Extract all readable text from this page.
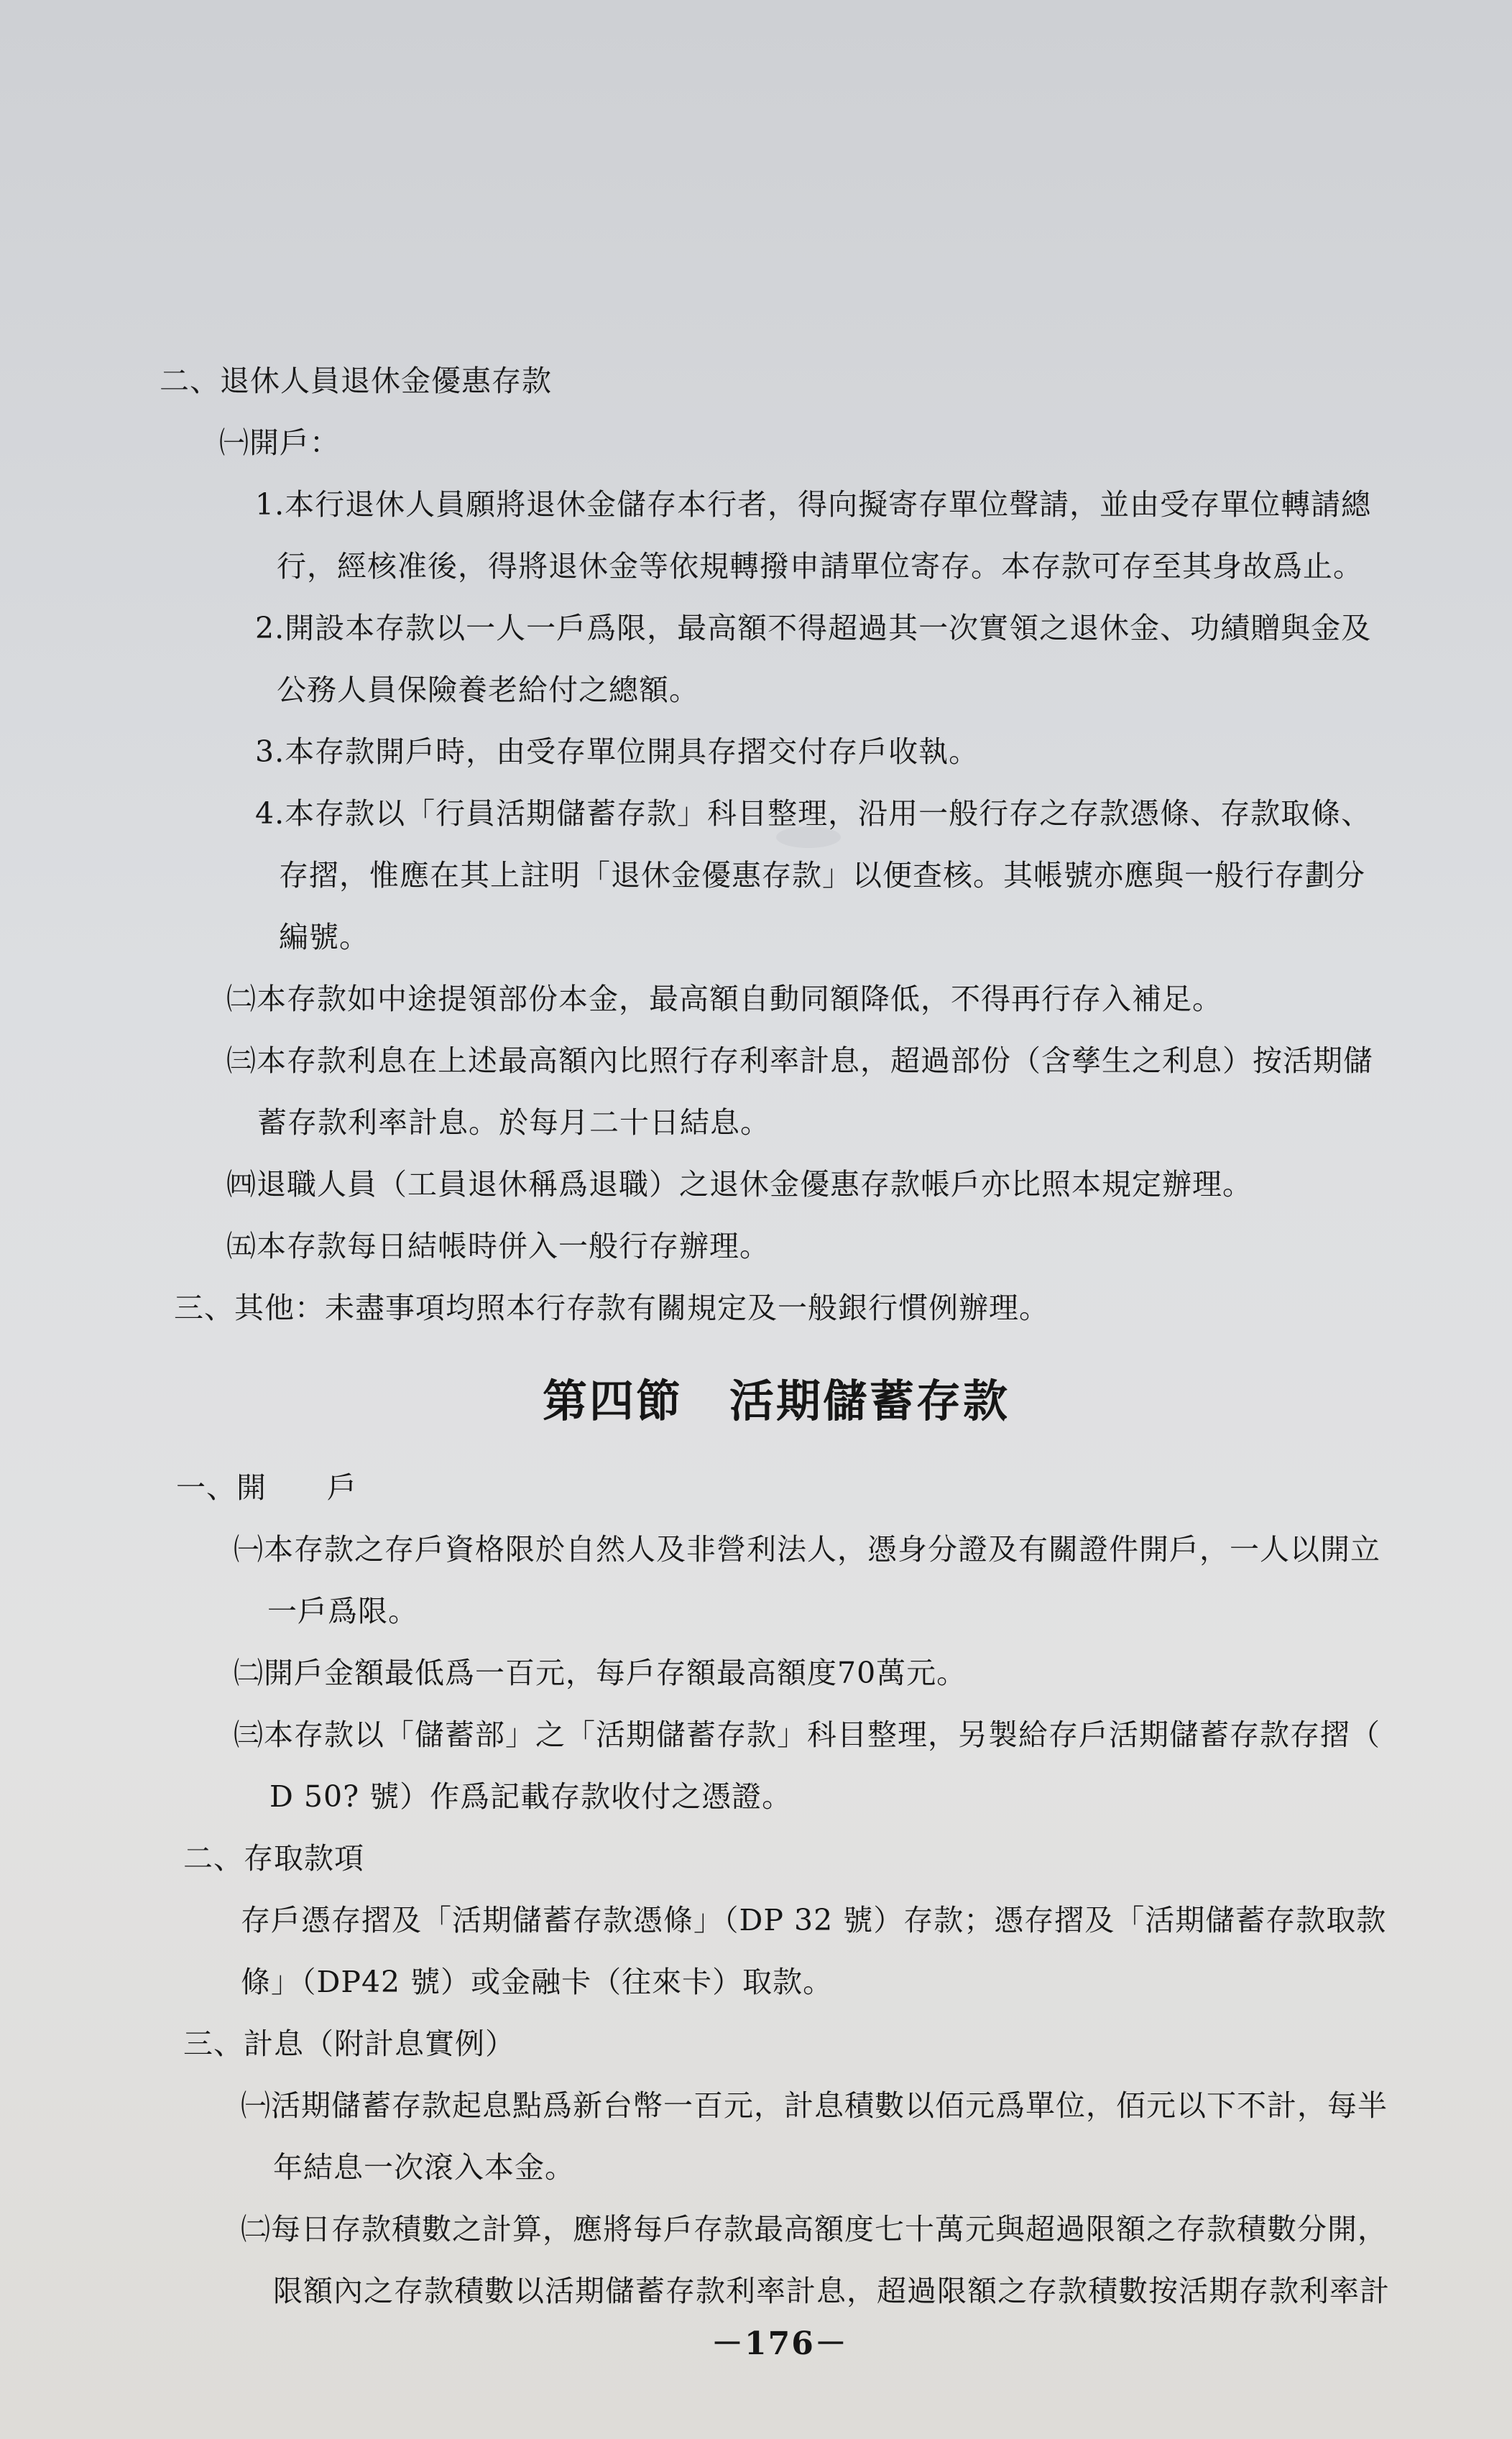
二、退休人員退休金優惠存款
㈠開戶：
1.本行退休人員願將退休金儲存本行者，得向擬寄存單位聲請，並由受存單位轉請總
行，經核准後，得將退休金等依規轉撥申請單位寄存。本存款可存至其身故爲止。
2.開設本存款以一人一戶爲限，最高額不得超過其一次實領之退休金、功績贈與金及
公務人員保險養老給付之總額。
3.本存款開戶時，由受存單位開具存摺交付存戶收執。
4.本存款以「行員活期儲蓄存款」科目整理，沿用一般行存之存款憑條、存款取條、
存摺，惟應在其上註明「退休金優惠存款」以便查核。其帳號亦應與一般行存劃分
編號。
㈡本存款如中途提領部份本金，最高額自動同額降低，不得再行存入補足。
㈢本存款利息在上述最高額內比照行存利率計息，超過部份（含孳生之利息）按活期儲
蓄存款利率計息。於每月二十日結息。
㈣退職人員（工員退休稱爲退職）之退休金優惠存款帳戶亦比照本規定辦理。
㈤本存款每日結帳時併入一般行存辦理。
三、其他：未盡事項均照本行存款有關規定及一般銀行慣例辦理。
第四節　活期儲蓄存款
一、開　　戶
㈠本存款之存戶資格限於自然人及非營利法人，憑身分證及有關證件開戶，一人以開立
一戶爲限。
㈡開戶金額最低爲一百元，每戶存額最高額度70萬元。
㈢本存款以「儲蓄部」之「活期儲蓄存款」科目整理，另製給存戶活期儲蓄存款存摺（
D 50? 號）作爲記載存款收付之憑證。
二、存取款項
存戶憑存摺及「活期儲蓄存款憑條」（DP 32 號）存款；憑存摺及「活期儲蓄存款取款
條」（DP42 號）或金融卡（往來卡）取款。
三、計息（附計息實例）
㈠活期儲蓄存款起息點爲新台幣一百元，計息積數以佰元爲單位，佰元以下不計，每半
年結息一次滾入本金。
㈡每日存款積數之計算，應將每戶存款最高額度七十萬元與超過限額之存款積數分開，
限額內之存款積數以活期儲蓄存款利率計息，超過限額之存款積數按活期存款利率計
－176－
